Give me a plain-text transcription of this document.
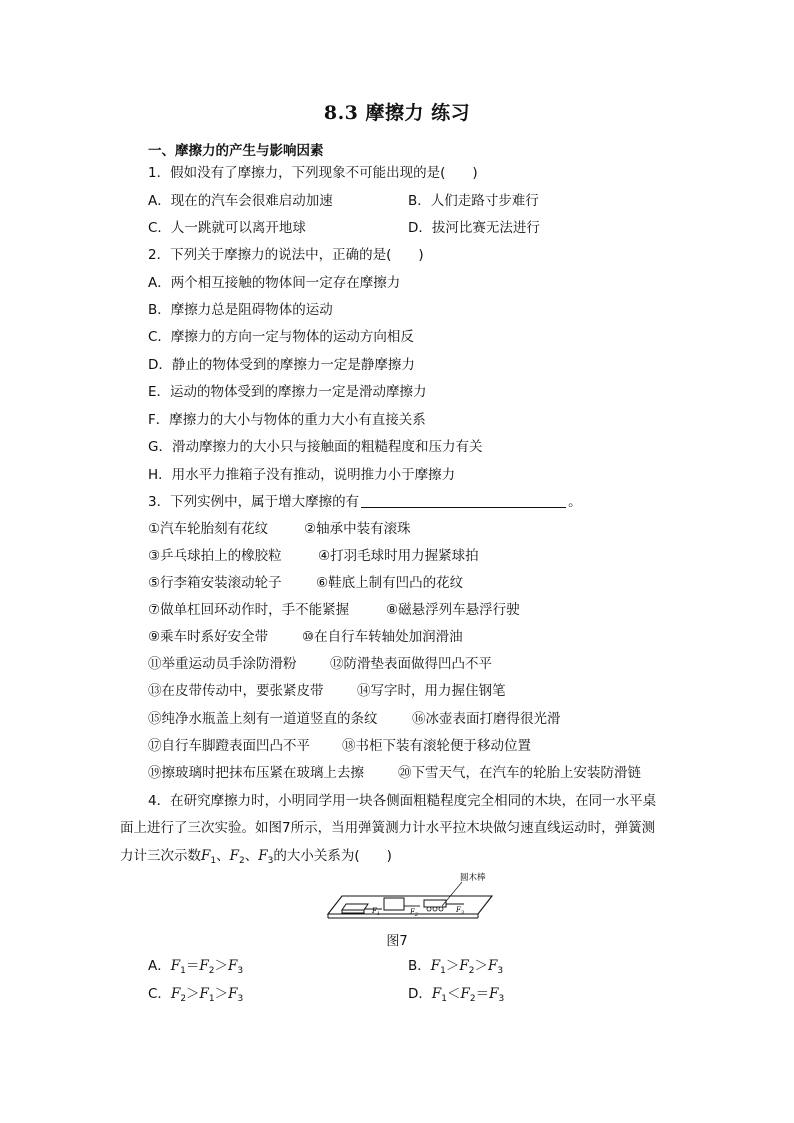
8.3 摩擦力 练习
一、摩擦力的产生与影响因素
1．假如没有了摩擦力，下列现象不可能出现的是(　　)
A．现在的汽车会很难启动加速	B．人们走路寸步难行
C．人一跳就可以离开地球	D．拔河比赛无法进行
2．下列关于摩擦力的说法中，正确的是(　　)
A．两个相互接触的物体间一定存在摩擦力
B．摩擦力总是阻碍物体的运动
C．摩擦力的方向一定与物体的运动方向相反
D．静止的物体受到的摩擦力一定是静摩擦力
E．运动的物体受到的摩擦力一定是滑动摩擦力
F．摩擦力的大小与物体的重力大小有直接关系
G．滑动摩擦力的大小只与接触面的粗糙程度和压力有关
H．用水平力推箱子没有推动，说明推力小于摩擦力
3．下列实例中，属于增大摩擦的有	。
①汽车轮胎刻有花纹	②轴承中装有滚珠
③乒乓球拍上的橡胶粒	④打羽毛球时用力握紧球拍
⑤行李箱安装滚动轮子	⑥鞋底上制有凹凸的花纹
⑦做单杠回环动作时，手不能紧握	⑧磁悬浮列车悬浮行驶
⑨乘车时系好安全带	⑩在自行车转轴处加润滑油
⑪举重运动员手涂防滑粉 ⑫防滑垫表面做得凹凸不平
⑬在皮带传动中，要张紧皮带 ⑭写字时，用力握住钢笔
⑮纯净水瓶盖上刻有一道道竖直的条纹	⑯冰壶表面打磨得很光滑
⑰自行车脚蹬表面凹凸不平 ⑱书柜下装有滚轮便于移动位置
⑲擦玻璃时把抹布压紧在玻璃上去擦	⑳下雪天气，在汽车的轮胎上安装防滑链
4．在研究摩擦力时，小明同学用一块各侧面粗糙程度完全相同的木块，在同一水平桌
面上进行了三次实验。如图7所示，当用弹簧测力计水平拉木块做匀速直线运动时，弹簧测
力计三次示数$F_1$、$F_2$、$F_3$的大小关系为(　　)
$F_1$	$F_2$
$F_3$
圆木棒
图7
A．$F_1=F_2>F_3$	B．$F_1>F_2>F_3$
C．$F_2>F_1>F_3$	D．$F_1<F_2=F_3$
